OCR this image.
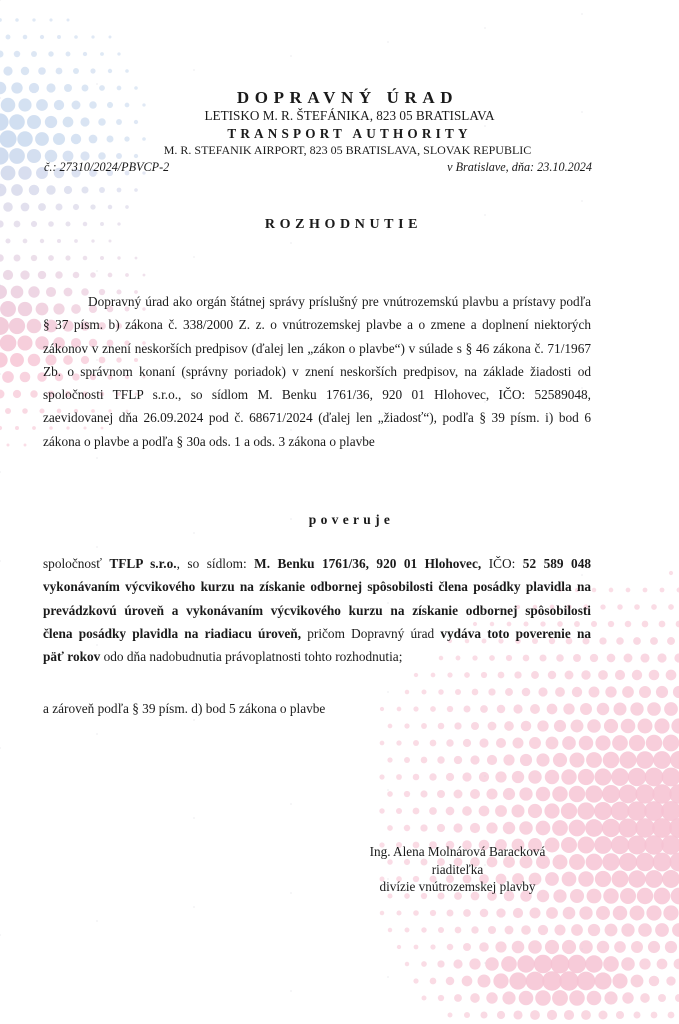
DOPRAVNÝ ÚRAD
LETISKO M. R. ŠTEFÁNIKA, 823 05 BRATISLAVA
TRANSPORT AUTHORITY
M. R. STEFANIK AIRPORT, 823 05 BRATISLAVA, SLOVAK REPUBLIC
č.: 27310/2024/PBVCP-2	v Bratislave, dňa: 23.10.2024
ROZHODNUTIE
Dopravný úrad ako orgán štátnej správy príslušný pre vnútrozemskú plavbu a prístavy podľa
§ 37 písm. b) zákona č. 338/2000 Z. z. o vnútrozemskej plavbe a o zmene a doplnení niektorých
zákonov v znení neskorších predpisov (ďalej len „zákon o plavbe“) v súlade s § 46 zákona č. 71/1967
Zb. o správnom konaní (správny poriadok) v znení neskorších predpisov, na základe žiadosti od
spoločnosti TFLP s.r.o., so sídlom M. Benku 1761/36, 920 01 Hlohovec, IČO: 52589048,
zaevidovanej dňa 26.09.2024 pod č. 68671/2024 (ďalej len „žiadosť“), podľa § 39 písm. i) bod 6
zákona o plavbe a podľa § 30a ods. 1 a ods. 3 zákona o plavbe
poveruje
spoločnosť TFLP s.r.o., so sídlom: M. Benku 1761/36, 920 01 Hlohovec, IČO: 52 589 048
vykonávaním výcvikového kurzu na získanie odbornej spôsobilosti člena posádky plavidla na
prevádzkovú úroveň a vykonávaním výcvikového kurzu na získanie odbornej spôsobilosti
člena posádky plavidla na riadiacu úroveň, pričom Dopravný úrad vydáva toto poverenie na
päť rokov odo dňa nadobudnutia právoplatnosti tohto rozhodnutia;
a zároveň podľa § 39 písm. d) bod 5 zákona o plavbe
Ing. Alena Molnárová Baracková
riaditeľka
divízie vnútrozemskej plavby
